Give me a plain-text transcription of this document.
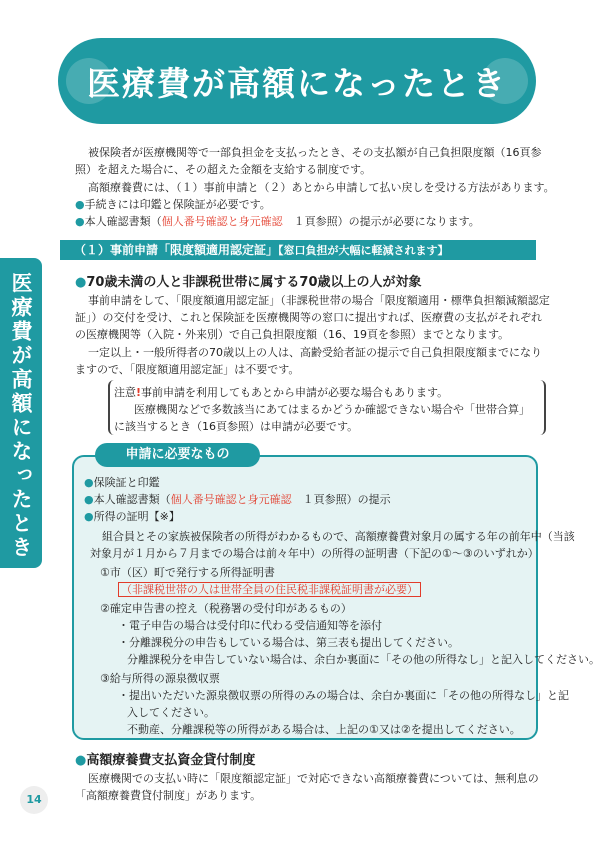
医療費が高額になったとき
医療費が高額になったとき
被保険者が医療機関等で一部負担金を支払ったとき、その支払額が自己負担限度額（16頁参
照）を超えた場合に、その超えた金額を支給する制度です。
高額療養費には、（１）事前申請と（２）あとから申請して払い戻しを受ける方法があります。
●手続きには印鑑と保険証が必要です。
●本人確認書類（個人番号確認と身元確認　１頁参照）の提示が必要になります。
（１）事前申請「限度額適用認定証」【窓口負担が大幅に軽減されます】
●70歳未満の人と非課税世帯に属する70歳以上の人が対象
事前申請をして、「限度額適用認定証」（非課税世帯の場合「限度額適用・標準負担額減額認定
証」）の交付を受け、これと保険証を医療機関等の窓口に提出すれば、医療費の支払がそれぞれ
の医療機関等（入院・外来別）で自己負担限度額（16、19頁を参照）までとなります。
一定以上・一般所得者の70歳以上の人は、高齢受給者証の提示で自己負担限度額までになり
ますので、「限度額適用認定証」は不要です。
注意!事前申請を利用してもあとから申請が必要な場合もあります。
医療機関などで多数該当にあてはまるかどうか確認できない場合や「世帯合算」
に該当するとき（16頁参照）は申請が必要です。
申請に必要なもの
●保険証と印鑑
●本人確認書類（個人番号確認と身元確認　１頁参照）の提示
●所得の証明【※】
組合員とその家族被保険者の所得がわかるもので、高額療養費対象月の属する年の前年中（当該
対象月が１月から７月までの場合は前々年中）の所得の証明書（下記の①～③のいずれか）
①市（区）町で発行する所得証明書
（非課税世帯の人は世帯全員の住民税非課税証明書が必要）
②確定申告書の控え（税務署の受付印があるもの）
・電子申告の場合は受付印に代わる受信通知等を添付
・分離課税分の申告もしている場合は、第三表も提出してください。
分離課税分を申告していない場合は、余白か裏面に「その他の所得なし」と記入してください。
③給与所得の源泉徴収票
・提出いただいた源泉徴収票の所得のみの場合は、余白か裏面に「その他の所得なし」と記
入してください。
不動産、分離課税等の所得がある場合は、上記の①又は②を提出してください。
●高額療養費支払資金貸付制度
医療機関での支払い時に「限度額認定証」で対応できない高額療養費については、無利息の
「高額療養費貸付制度」があります。
14
